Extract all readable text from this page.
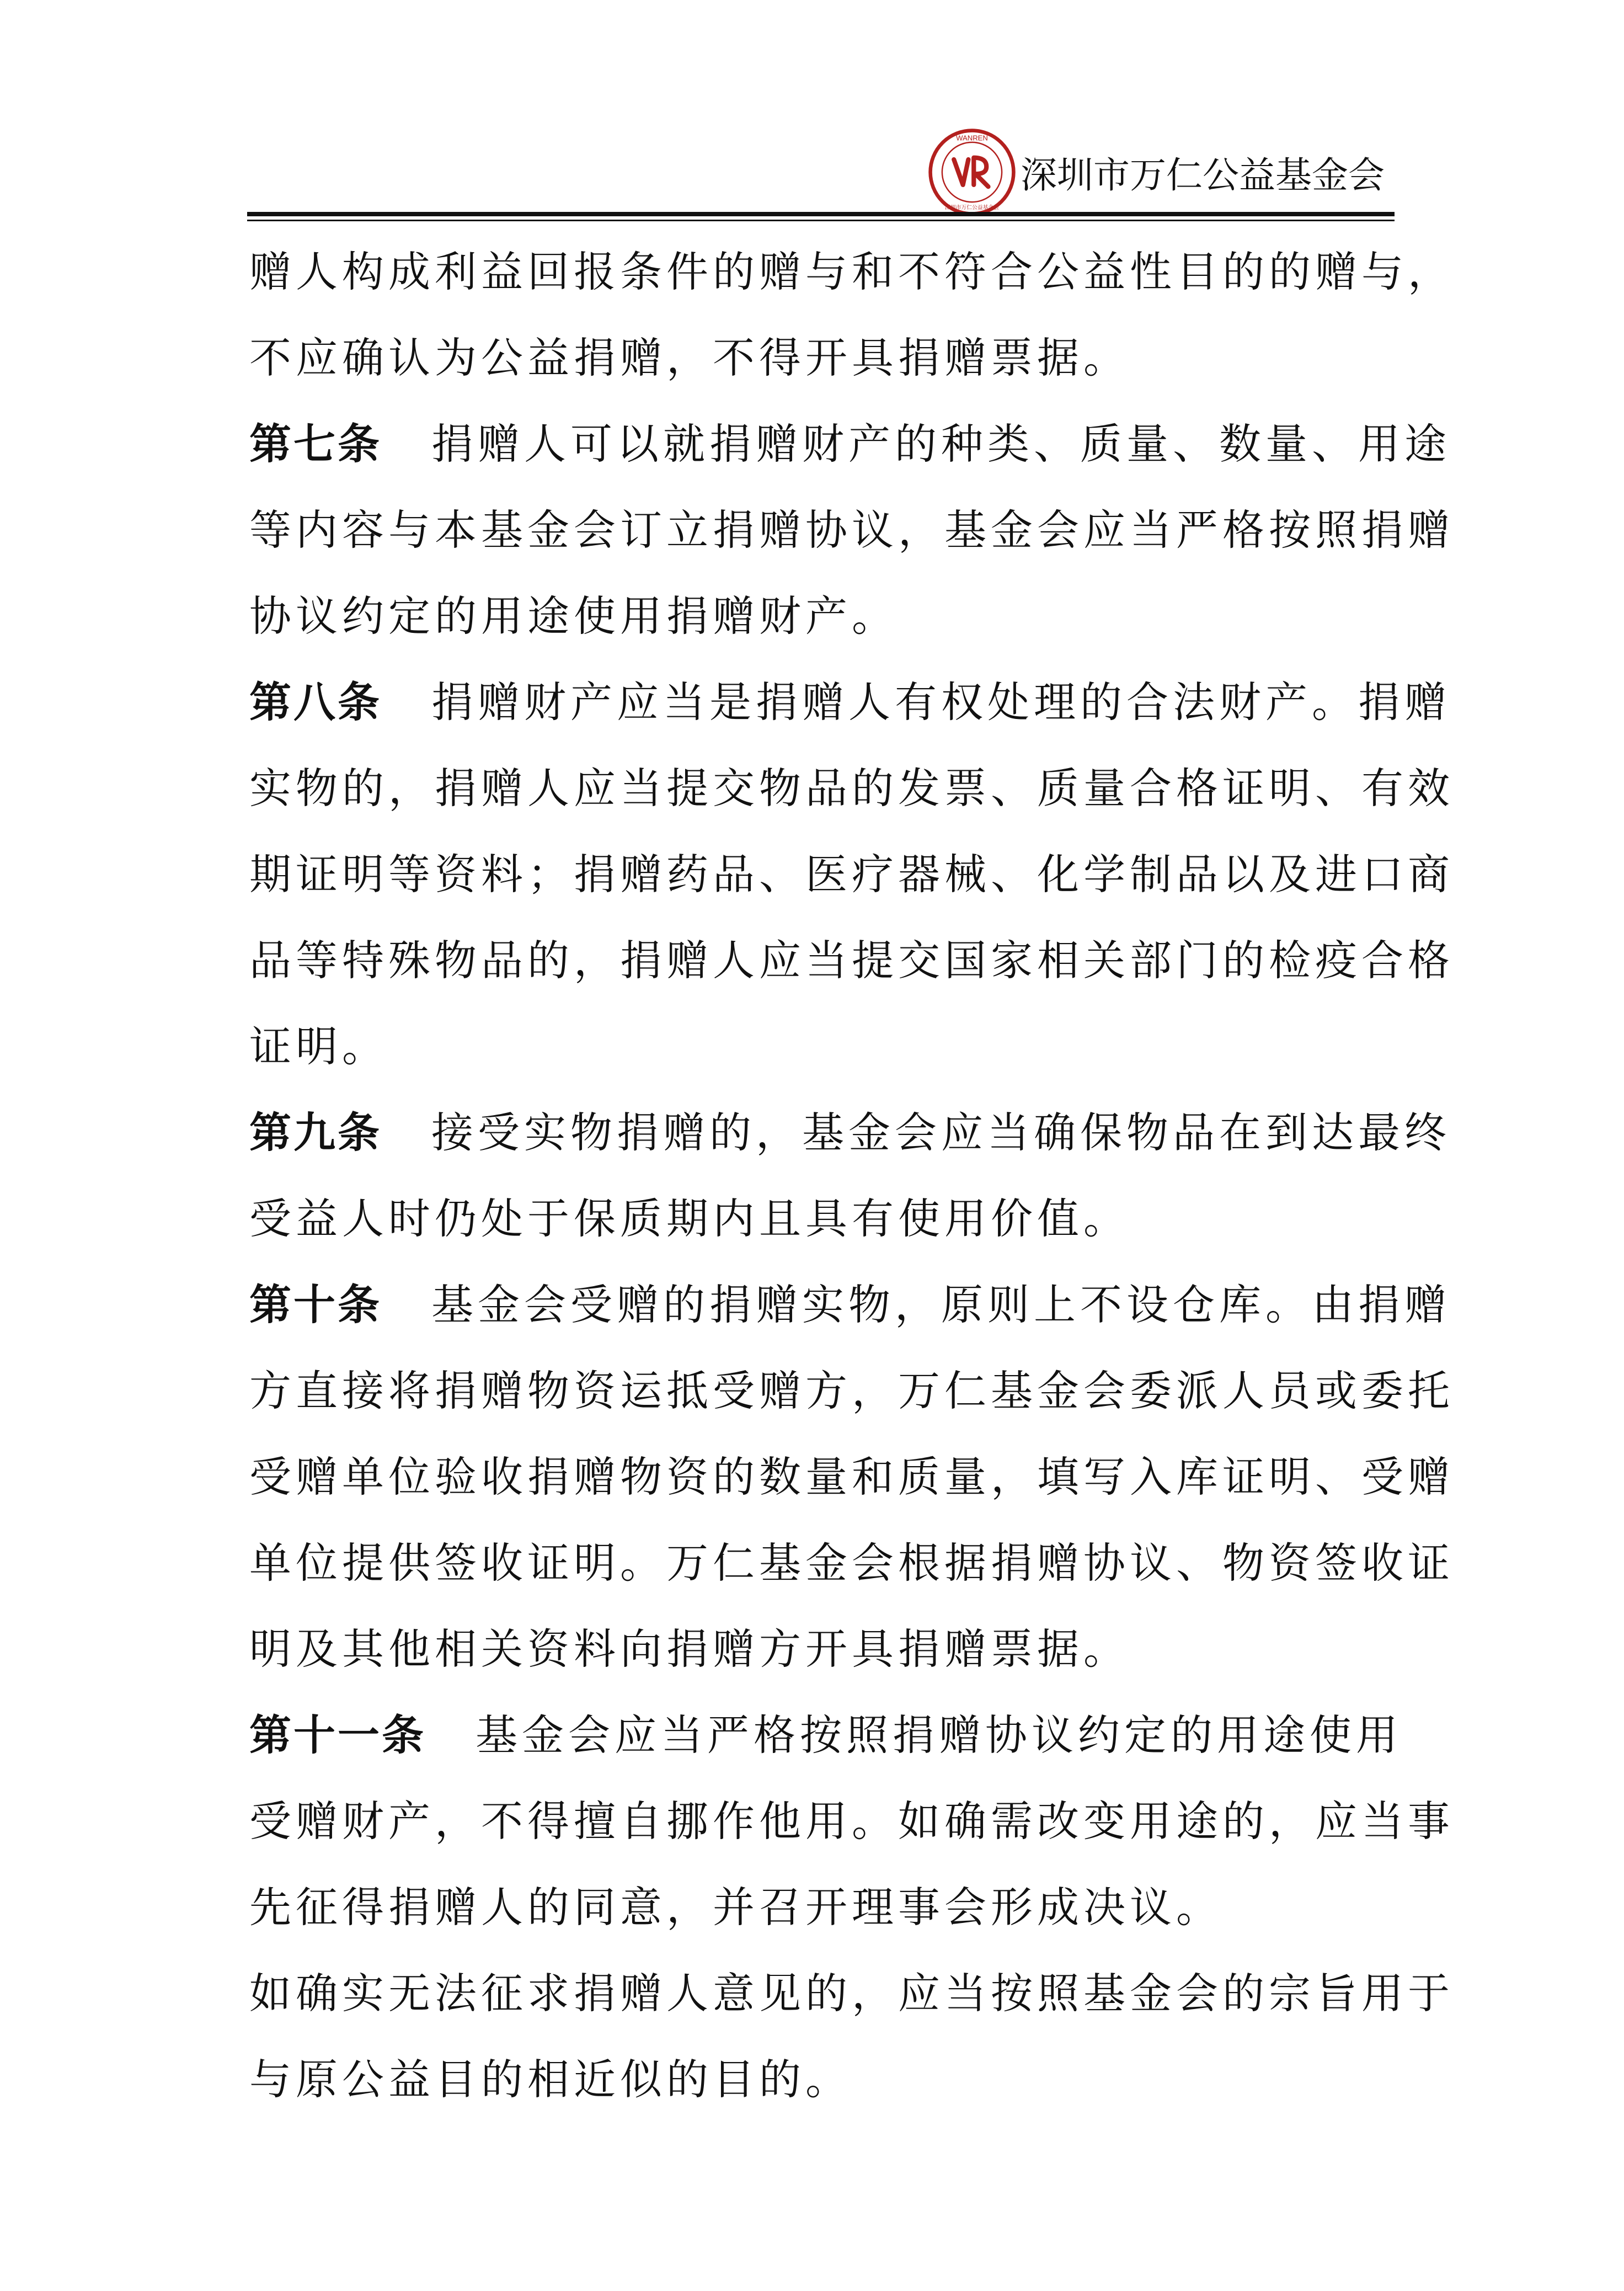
WANREN
深圳市万仁公益基金会
深圳市万仁公益基金会
赠人构成利益回报条件的赠与和不符合公益性目的的赠与，
不应确认为公益捐赠，不得开具捐赠票据。
第七条 捐赠人可以就捐赠财产的种类、质量、数量、用途
等内容与本基金会订立捐赠协议，基金会应当严格按照捐赠
协议约定的用途使用捐赠财产。
第八条 捐赠财产应当是捐赠人有权处理的合法财产。捐赠
实物的，捐赠人应当提交物品的发票、质量合格证明、有效
期证明等资料；捐赠药品、医疗器械、化学制品以及进口商
品等特殊物品的，捐赠人应当提交国家相关部门的检疫合格
证明。
第九条 接受实物捐赠的，基金会应当确保物品在到达最终
受益人时仍处于保质期内且具有使用价值。
第十条 基金会受赠的捐赠实物，原则上不设仓库。由捐赠
方直接将捐赠物资运抵受赠方，万仁基金会委派人员或委托
受赠单位验收捐赠物资的数量和质量，填写入库证明、受赠
单位提供签收证明。万仁基金会根据捐赠协议、物资签收证
明及其他相关资料向捐赠方开具捐赠票据。
第十一条 基金会应当严格按照捐赠协议约定的用途使用
受赠财产，不得擅自挪作他用。如确需改变用途的，应当事
先征得捐赠人的同意，并召开理事会形成决议。
如确实无法征求捐赠人意见的，应当按照基金会的宗旨用于
与原公益目的相近似的目的。
